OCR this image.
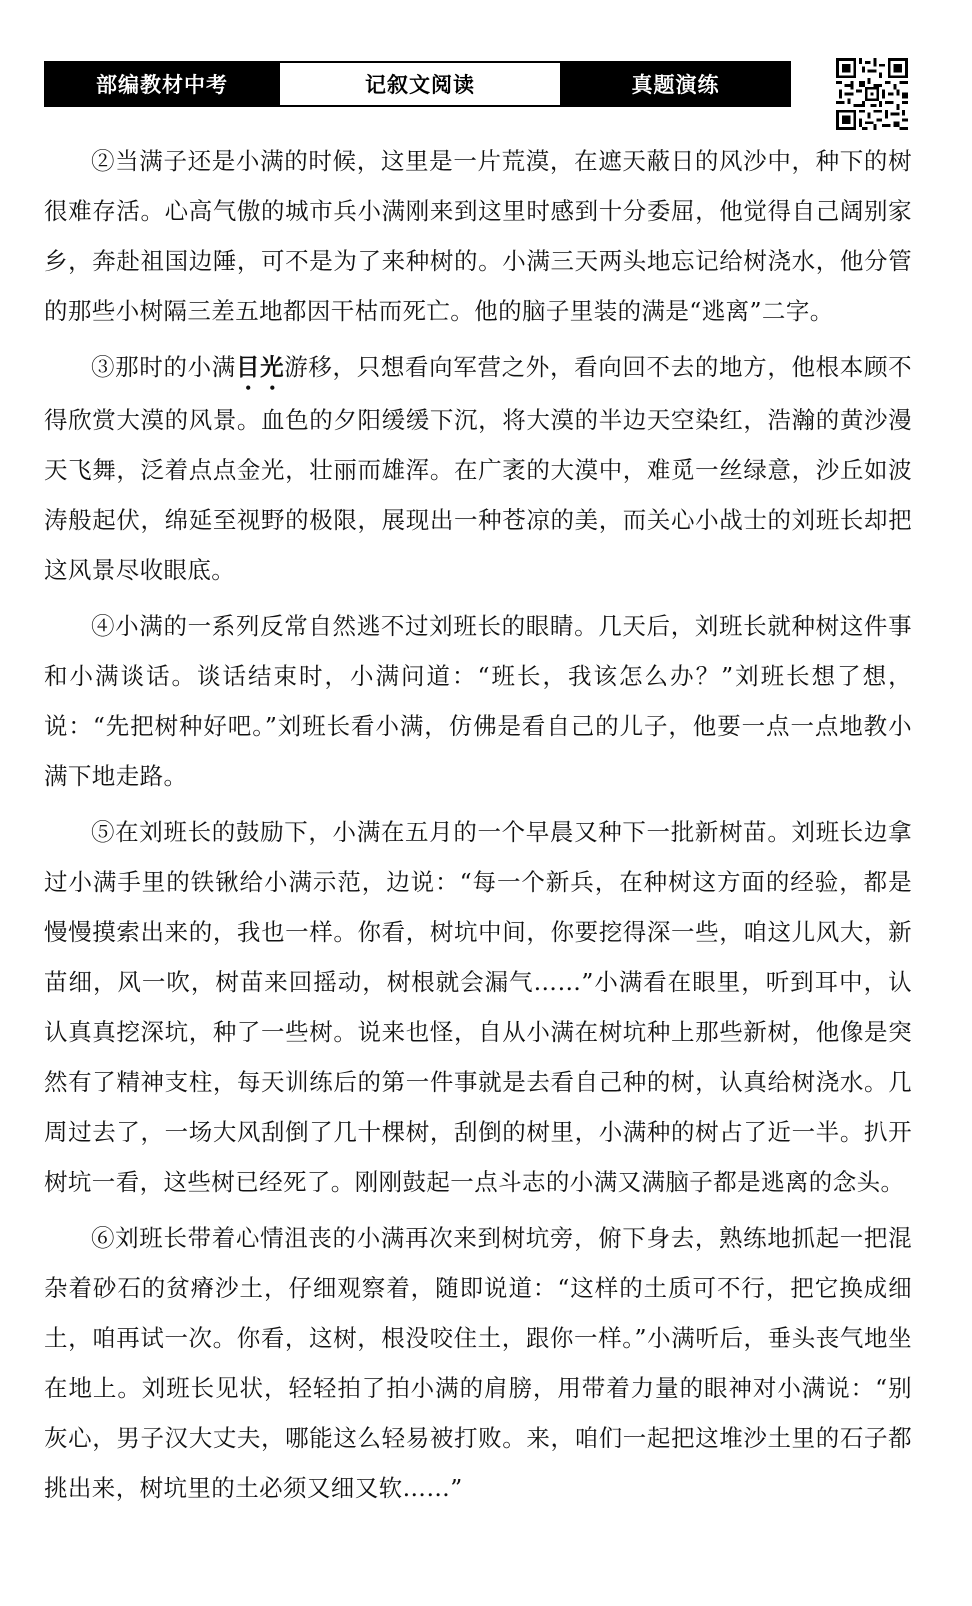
部编教材中考	记叙文阅读	真题演练

②当满子还是小满的时候，这里是一片荒漠，在遮天蔽日的风沙中，种下的树很难存活。心高气傲的城市兵小满刚来到这里时感到十分委屈，他觉得自己阔别家乡，奔赴祖国边陲，可不是为了来种树的。小满三天两头地忘记给树浇水，他分管的那些小树隔三差五地都因干枯而死亡。他的脑子里装的满是“逃离”二字。

③那时的小满目光游移，只想看向军营之外，看向回不去的地方，他根本顾不得欣赏大漠的风景。血色的夕阳缓缓下沉，将大漠的半边天空染红，浩瀚的黄沙漫天飞舞，泛着点点金光，壮丽而雄浑。在广袤的大漠中，难觅一丝绿意，沙丘如波涛般起伏，绵延至视野的极限，展现出一种苍凉的美，而关心小战士的刘班长却把这风景尽收眼底。

④小满的一系列反常自然逃不过刘班长的眼睛。几天后，刘班长就种树这件事和小满谈话。谈话结束时，小满问道：“班长，我该怎么办？”刘班长想了想，说：“先把树种好吧。”刘班长看小满，仿佛是看自己的儿子，他要一点一点地教小满下地走路。

⑤在刘班长的鼓励下，小满在五月的一个早晨又种下一批新树苗。刘班长边拿过小满手里的铁锹给小满示范，边说：“每一个新兵，在种树这方面的经验，都是慢慢摸索出来的，我也一样。你看，树坑中间，你要挖得深一些，咱这儿风大，新苗细，风一吹，树苗来回摇动，树根就会漏气……”小满看在眼里，听到耳中，认认真真挖深坑，种了一些树。说来也怪，自从小满在树坑种上那些新树，他像是突然有了精神支柱，每天训练后的第一件事就是去看自己种的树，认真给树浇水。几周过去了，一场大风刮倒了几十棵树，刮倒的树里，小满种的树占了近一半。扒开树坑一看，这些树已经死了。刚刚鼓起一点斗志的小满又满脑子都是逃离的念头。

⑥刘班长带着心情沮丧的小满再次来到树坑旁，俯下身去，熟练地抓起一把混杂着砂石的贫瘠沙土，仔细观察着，随即说道：“这样的土质可不行，把它换成细土，咱再试一次。你看，这树，根没咬住土，跟你一样。”小满听后，垂头丧气地坐在地上。刘班长见状，轻轻拍了拍小满的肩膀，用带着力量的眼神对小满说：“别灰心，男子汉大丈夫，哪能这么轻易被打败。来，咱们一起把这堆沙土里的石子都挑出来，树坑里的土必须又细又软……”
